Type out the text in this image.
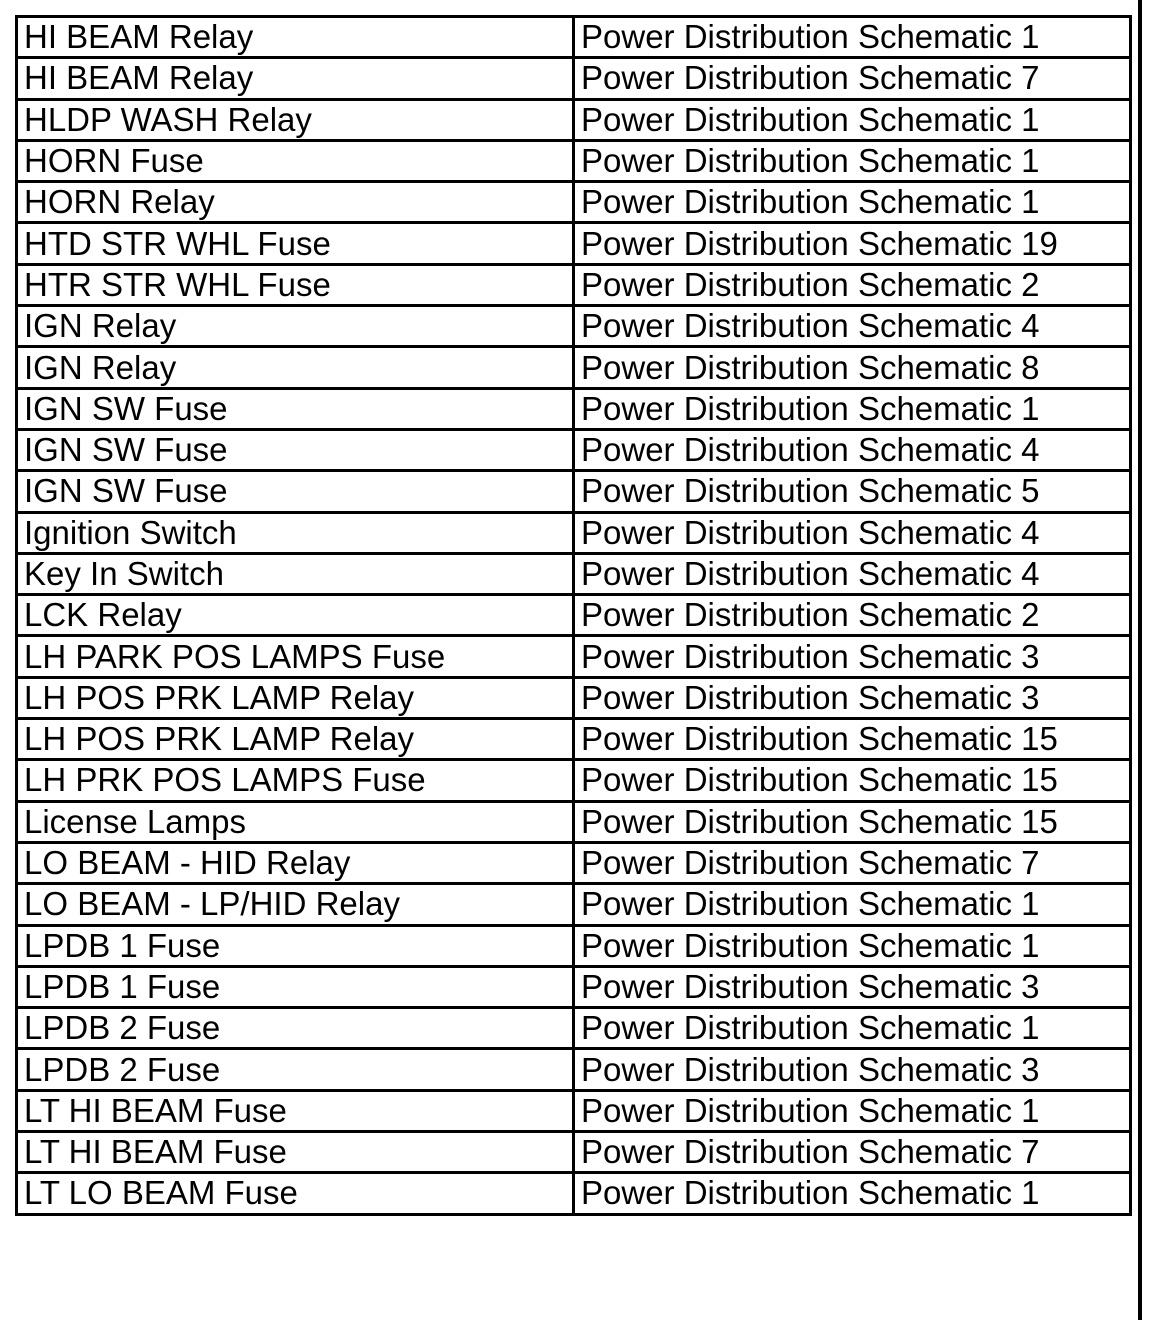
HI BEAM Relay	Power Distribution Schematic 1
HI BEAM Relay	Power Distribution Schematic 7
HLDP WASH Relay	Power Distribution Schematic 1
HORN Fuse	Power Distribution Schematic 1
HORN Relay	Power Distribution Schematic 1
HTD STR WHL Fuse	Power Distribution Schematic 19
HTR STR WHL Fuse	Power Distribution Schematic 2
IGN Relay	Power Distribution Schematic 4
IGN Relay	Power Distribution Schematic 8
IGN SW Fuse	Power Distribution Schematic 1
IGN SW Fuse	Power Distribution Schematic 4
IGN SW Fuse	Power Distribution Schematic 5
Ignition Switch	Power Distribution Schematic 4
Key In Switch	Power Distribution Schematic 4
LCK Relay	Power Distribution Schematic 2
LH PARK POS LAMPS Fuse	Power Distribution Schematic 3
LH POS PRK LAMP Relay	Power Distribution Schematic 3
LH POS PRK LAMP Relay	Power Distribution Schematic 15
LH PRK POS LAMPS Fuse	Power Distribution Schematic 15
License Lamps	Power Distribution Schematic 15
LO BEAM - HID Relay	Power Distribution Schematic 7
LO BEAM - LP/HID Relay	Power Distribution Schematic 1
LPDB 1 Fuse	Power Distribution Schematic 1
LPDB 1 Fuse	Power Distribution Schematic 3
LPDB 2 Fuse	Power Distribution Schematic 1
LPDB 2 Fuse	Power Distribution Schematic 3
LT HI BEAM Fuse	Power Distribution Schematic 1
LT HI BEAM Fuse	Power Distribution Schematic 7
LT LO BEAM Fuse	Power Distribution Schematic 1
